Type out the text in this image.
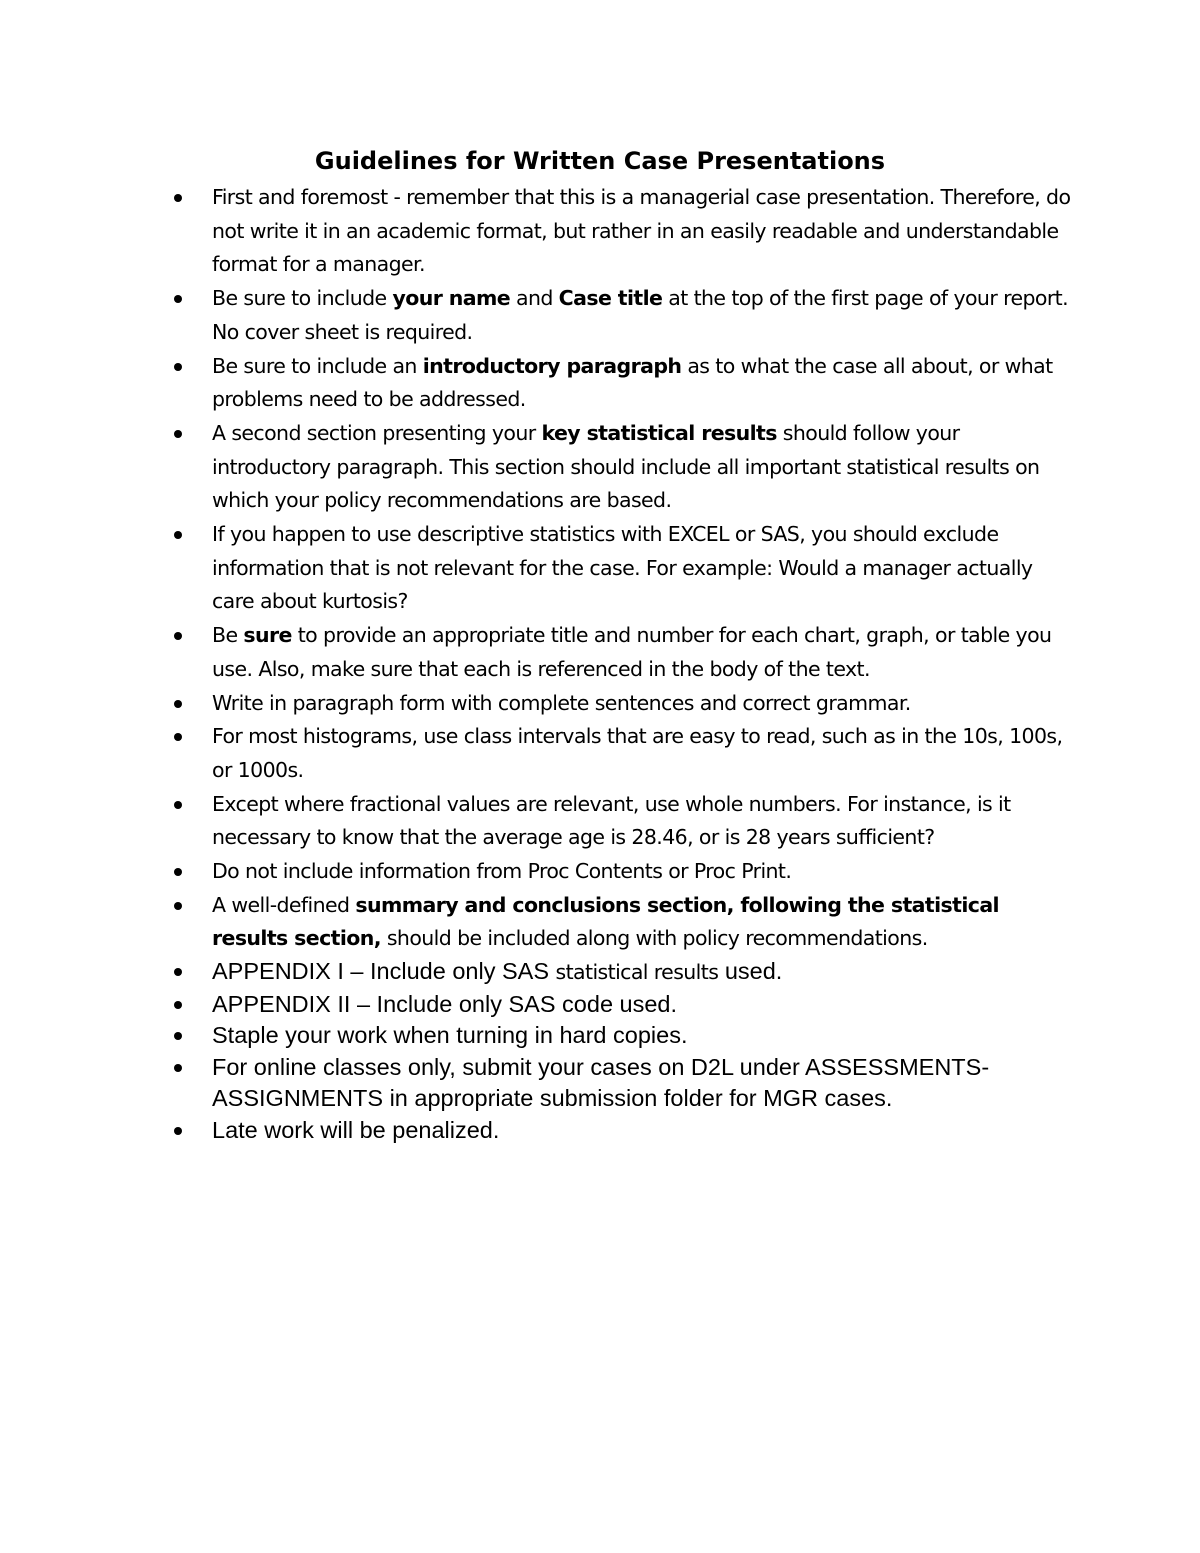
Guidelines for Written Case Presentations
First and foremost - remember that this is a managerial case presentation. Therefore, do not write it in an academic format, but rather in an easily readable and understandable format for a manager.
Be sure to include your name and Case title at the top of the first page of your report. No cover sheet is required.
Be sure to include an introductory paragraph as to what the case all about, or what problems need to be addressed.
A second section presenting your key statistical results should follow your introductory paragraph. This section should include all important statistical results on which your policy recommendations are based.
If you happen to use descriptive statistics with EXCEL or SAS, you should exclude information that is not relevant for the case. For example: Would a manager actually care about kurtosis?
Be sure to provide an appropriate title and number for each chart, graph, or table you use. Also, make sure that each is referenced in the body of the text.
Write in paragraph form with complete sentences and correct grammar.
For most histograms, use class intervals that are easy to read, such as in the 10s, 100s, or 1000s.
Except where fractional values are relevant, use whole numbers. For instance, is it necessary to know that the average age is 28.46, or is 28 years sufficient?
Do not include information from Proc Contents or Proc Print.
A well-defined summary and conclusions section, following the statistical results section, should be included along with policy recommendations.
APPENDIX I – Include only SAS statistical results used.
APPENDIX II – Include only SAS code used.
Staple your work when turning in hard copies.
For online classes only, submit your cases on D2L under ASSESSMENTS-ASSIGNMENTS in appropriate submission folder for MGR cases.
Late work will be penalized.
